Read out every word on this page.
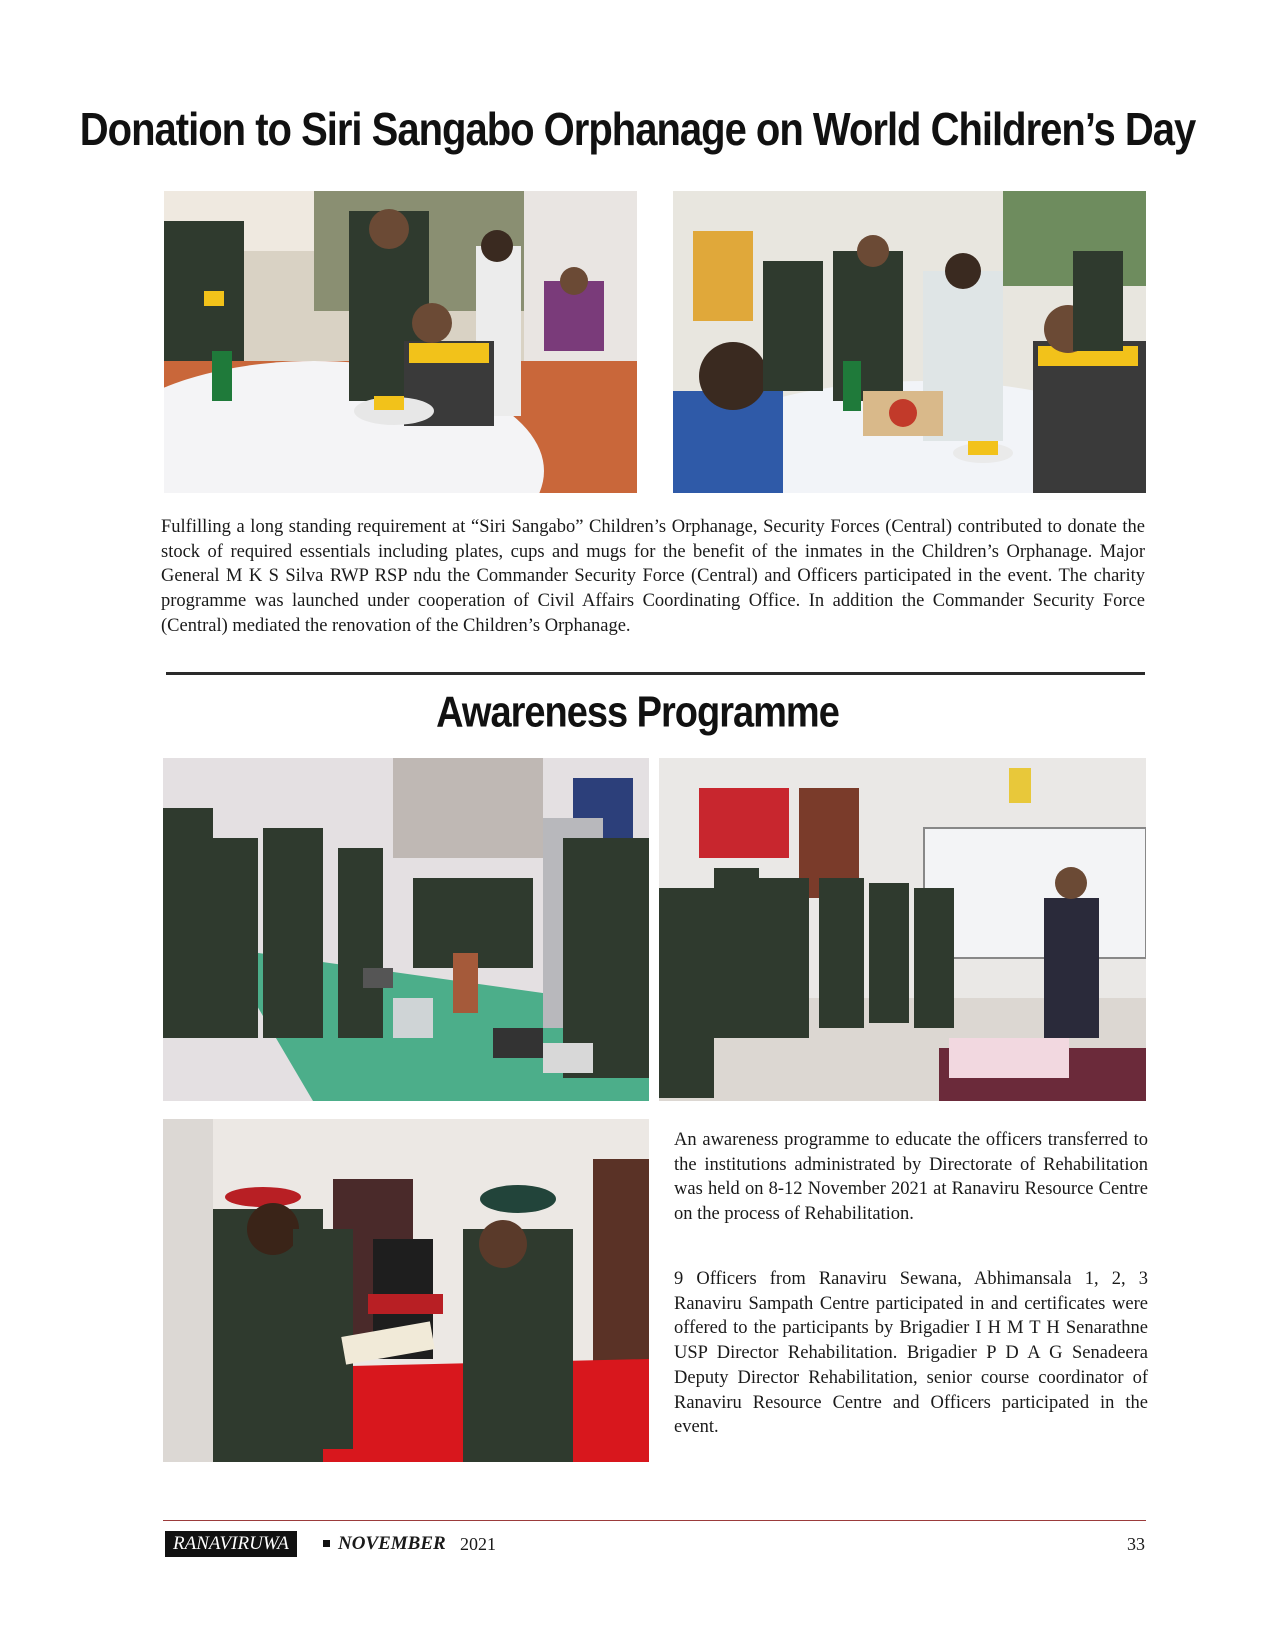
Donation to Siri Sangabo Orphanage on World Children’s Day
Fulfilling a long standing requirement at “Siri Sangabo” Children’s Orphanage, Security Forces (Central) contributed to donate the stock of required essentials including plates, cups and mugs for the benefit of the inmates in the Children’s Orphanage. Major General M K S Silva RWP RSP ndu the Commander Security Force (Central) and Officers participated in the event. The charity programme was launched under cooperation of Civil Affairs Coordinating Office. In addition the Commander Security Force (Central) mediated the renovation of the Children’s Orphanage.
Awareness Programme

An awareness programme to educate the officers transferred to the institutions administrated by Directorate of Rehabilitation was held on 8-12 November 2021 at Ranaviru Resource Centre on the process of Rehabilitation.

9 Officers from Ranaviru Sewana, Abhimansala 1, 2, 3 Ranaviru Sampath Centre participated in and certificates were offered to the participants by Brigadier I H M T H Senarathne USP Director Rehabilitation. Brigadier P D A G Senadeera Deputy Director Rehabilitation, senior course coordinator of Ranaviru Resource Centre and Officers participated in the event.

RANAVIRUWA	NOVEMBER 2021	33
